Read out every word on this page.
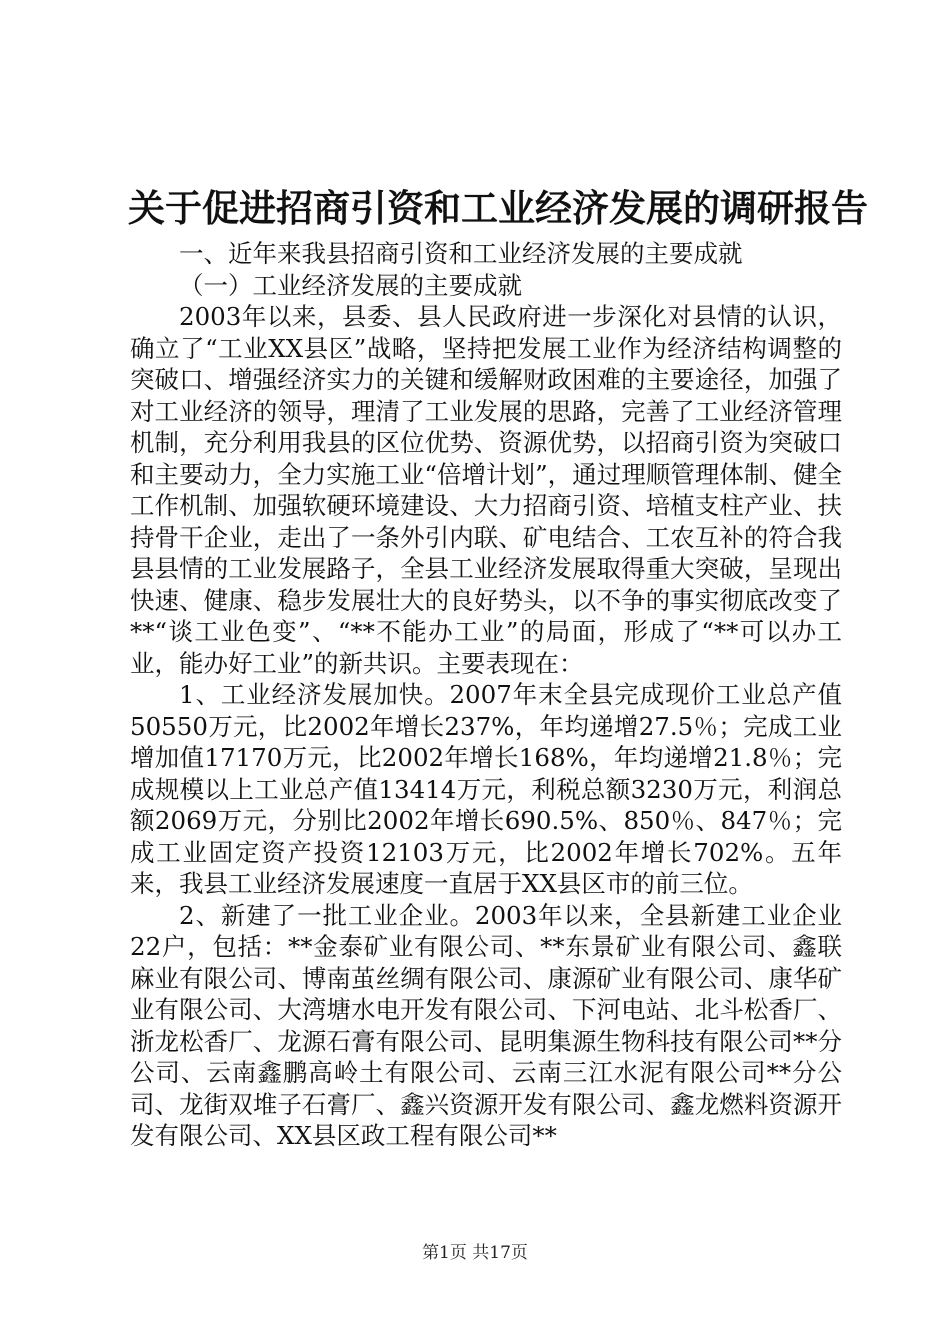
关于促进招商引资和工业经济发展的调研报告

一、近年来我县招商引资和工业经济发展的主要成就

（一）工业经济发展的主要成就

2003年以来，县委、县人民政府进一步深化对县情的认识，确立了“工业XX县区”战略，坚持把发展工业作为经济结构调整的突破口、增强经济实力的关键和缓解财政困难的主要途径，加强了对工业经济的领导，理清了工业发展的思路，完善了工业经济管理机制，充分利用我县的区位优势、资源优势，以招商引资为突破口和主要动力，全力实施工业“倍增计划”，通过理顺管理体制、健全工作机制、加强软硬环境建设、大力招商引资、培植支柱产业、扶持骨干企业，走出了一条外引内联、矿电结合、工农互补的符合我县县情的工业发展路子，全县工业经济发展取得重大突破，呈现出快速、健康、稳步发展壮大的良好势头，以不争的事实彻底改变了**“谈工业色变”、“**不能办工业”的局面，形成了“**可以办工业，能办好工业”的新共识。主要表现在：

1、工业经济发展加快。2007年末全县完成现价工业总产值50550万元，比2002年增长237%，年均递增27.5％；完成工业增加值17170万元，比2002年增长168%，年均递增21.8％；完成规模以上工业总产值13414万元，利税总额3230万元，利润总额2069万元，分别比2002年增长690.5%、850％、847％；完成工业固定资产投资12103万元，比2002年增长702%。五年来，我县工业经济发展速度一直居于XX县区市的前三位。

2、新建了一批工业企业。2003年以来，全县新建工业企业22户，包括：**金泰矿业有限公司、**东景矿业有限公司、鑫联麻业有限公司、博南茧丝绸有限公司、康源矿业有限公司、康华矿业有限公司、大湾塘水电开发有限公司、下河电站、北斗松香厂、浙龙松香厂、龙源石膏有限公司、昆明集源生物科技有限公司**分公司、云南鑫鹏高岭土有限公司、云南三江水泥有限公司**分公司、龙街双堆子石膏厂、鑫兴资源开发有限公司、鑫龙燃料资源开发有限公司、XX县区政工程有限公司**

第1页 共17页
